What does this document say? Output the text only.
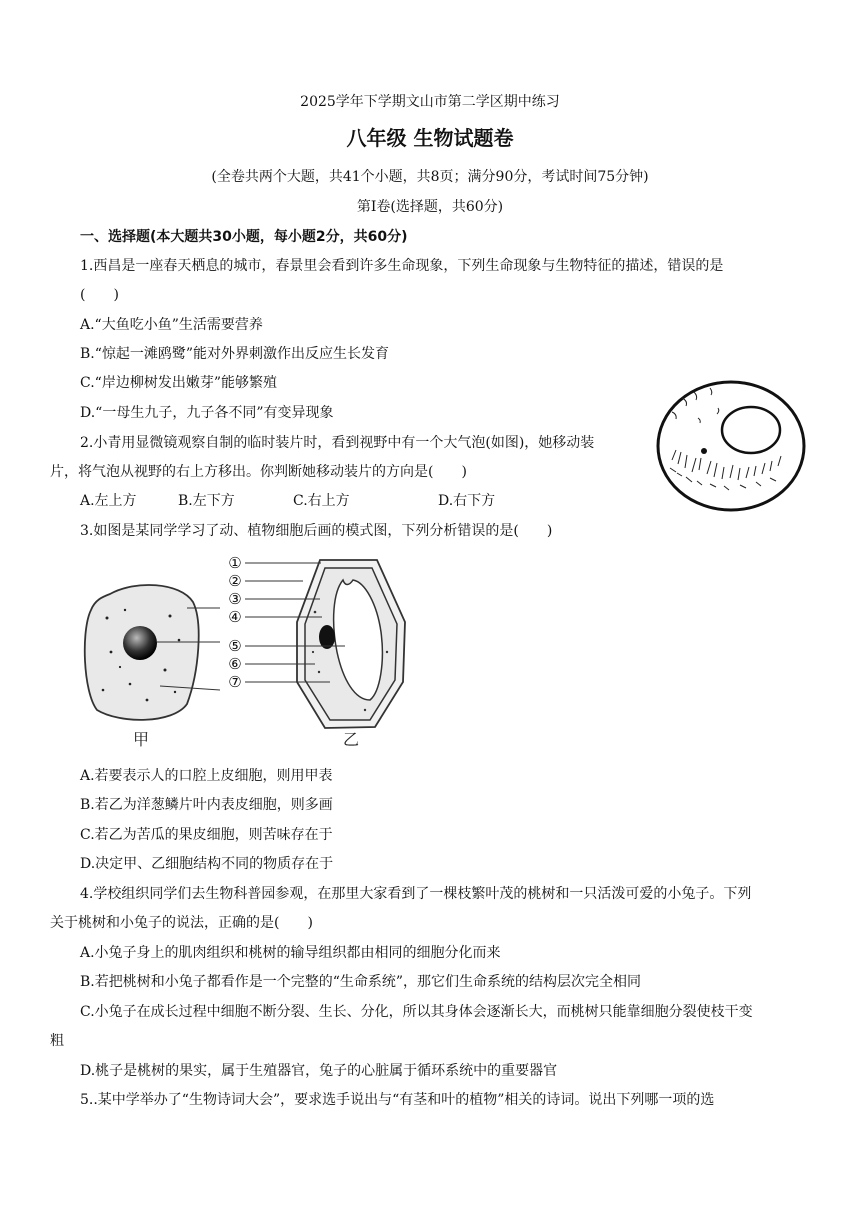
2025学年下学期文山市第二学区期中练习
八年级 生物试题卷
(全卷共两个大题，共41个小题，共8页；满分90分，考试时间75分钟)
第Ⅰ卷(选择题，共60分)
一、选择题(本大题共30小题，每小题2分，共60分)
1.西昌是一座春天栖息的城市，春景里会看到许多生命现象，下列生命现象与生物特征的描述，错误的是
(　　)
A.“大鱼吃小鱼”生活需要营养
B.“惊起一滩鸥鹭”能对外界刺激作出反应生长发育
C.“岸边柳树发出嫩芽”能够繁殖
D.“一母生九子，九子各不同”有变异现象
2.小青用显微镜观察自制的临时装片时，看到视野中有一个大气泡(如图)，她移动装
片，将气泡从视野的右上方移出。你判断她移动装片的方向是(　　)
A.左上方	B.左下方	C.右上方	D.右下方
3.如图是某同学学习了动、植物细胞后画的模式图，下列分析错误的是(　　)
甲	乙
①
②
③
④
⑤
⑥
⑦
A.若要表示人的口腔上皮细胞，则用甲表
B.若乙为洋葱鳞片叶内表皮细胞，则多画
C.若乙为苦瓜的果皮细胞，则苦味存在于
D.决定甲、乙细胞结构不同的物质存在于
4.学校组织同学们去生物科普园参观，在那里大家看到了一棵枝繁叶茂的桃树和一只活泼可爱的小兔子。下列
关于桃树和小兔子的说法，正确的是(　　)
A.小兔子身上的肌肉组织和桃树的输导组织都由相同的细胞分化而来
B.若把桃树和小兔子都看作是一个完整的“生命系统”，那它们生命系统的结构层次完全相同
C.小兔子在成长过程中细胞不断分裂、生长、分化，所以其身体会逐渐长大，而桃树只能靠细胞分裂使枝干变
粗
D.桃子是桃树的果实，属于生殖器官，兔子的心脏属于循环系统中的重要器官
5..某中学举办了“生物诗词大会”，要求选手说出与“有茎和叶的植物”相关的诗词。说出下列哪一项的选
